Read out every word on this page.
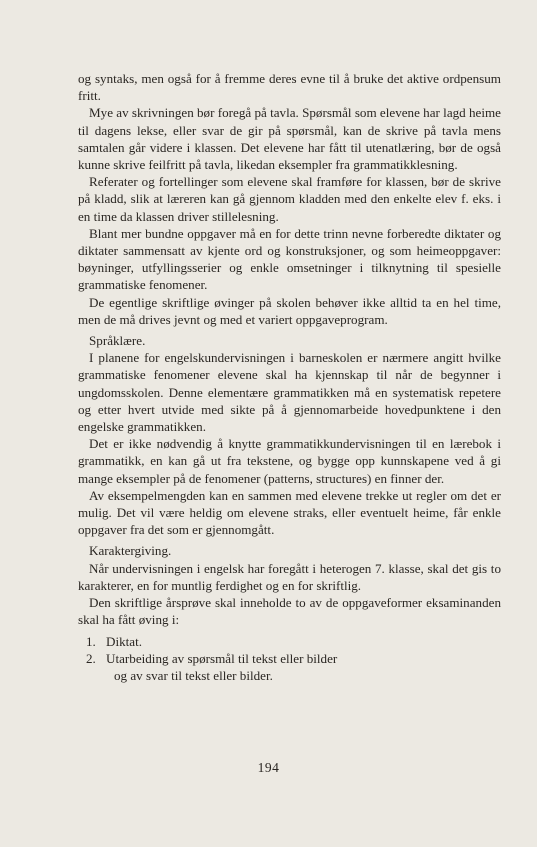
og syntaks, men også for å fremme deres evne til å bruke det aktive ordpensum fritt.

Mye av skrivningen bør foregå på tavla. Spørsmål som elevene har lagd heime til dagens lekse, eller svar de gir på spørsmål, kan de skrive på tavla mens samtalen går videre i klassen. Det elevene har fått til utenatlæring, bør de også kunne skrive feilfritt på tavla, likedan eksempler fra grammatikklesning.

Referater og fortellinger som elevene skal framføre for klassen, bør de skrive på kladd, slik at læreren kan gå gjennom kladden med den enkelte elev f. eks. i en time da klassen driver stillelesning.

Blant mer bundne oppgaver må en for dette trinn nevne forberedte diktater og diktater sammensatt av kjente ord og konstruksjoner, og som heimeoppgaver: bøyninger, utfyllingsserier og enkle omsetninger i tilknytning til spesielle grammatiske fenomener.

De egentlige skriftlige øvinger på skolen behøver ikke alltid ta en hel time, men de må drives jevnt og med et variert oppgaveprogram.

Språklære.

I planene for engelskundervisningen i barneskolen er nærmere angitt hvilke grammatiske fenomener elevene skal ha kjennskap til når de begynner i ungdomsskolen. Denne elementære grammatikken må en systematisk repetere og etter hvert utvide med sikte på å gjennomarbeide hovedpunktene i den engelske grammatikken.

Det er ikke nødvendig å knytte grammatikkundervisningen til en lærebok i grammatikk, en kan gå ut fra tekstene, og bygge opp kunnskapene ved å gi mange eksempler på de fenomener (patterns, structures) en finner der.

Av eksempelmengden kan en sammen med elevene trekke ut regler om det er mulig. Det vil være heldig om elevene straks, eller eventuelt heime, får enkle oppgaver fra det som er gjennomgått.

Karaktergiving.

Når undervisningen i engelsk har foregått i heterogen 7. klasse, skal det gis to karakterer, en for muntlig ferdighet og en for skriftlig.

Den skriftlige årsprøve skal inneholde to av de oppgaveformer eksaminanden skal ha fått øving i:

1. Diktat.
2. Utarbeiding av spørsmål til tekst eller bilder
og av svar til tekst eller bilder.
194
